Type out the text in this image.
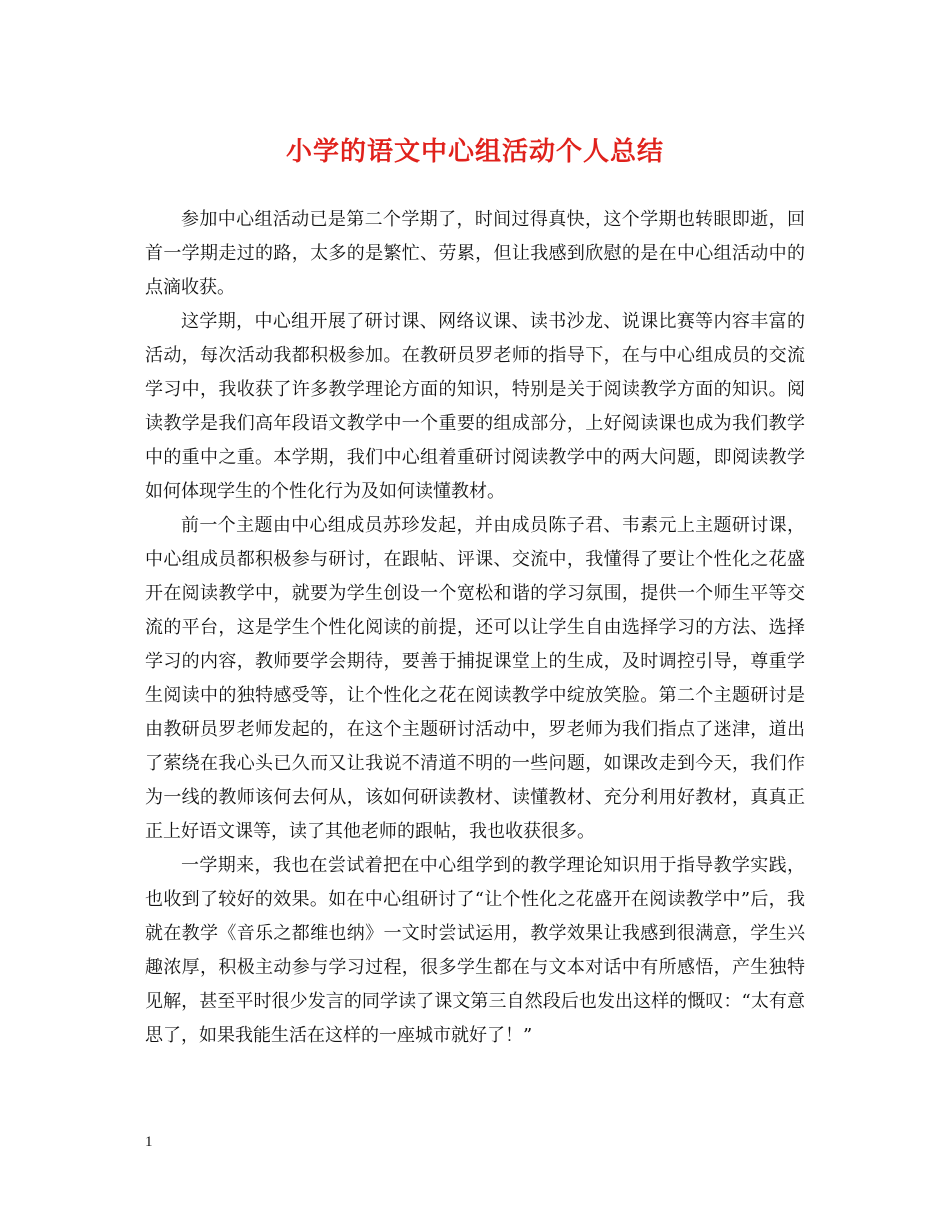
小学的语文中心组活动个人总结

参加中心组活动已是第二个学期了，时间过得真快，这个学期也转眼即逝，回首一学期走过的路，太多的是繁忙、劳累，但让我感到欣慰的是在中心组活动中的点滴收获。

这学期，中心组开展了研讨课、网络议课、读书沙龙、说课比赛等内容丰富的活动，每次活动我都积极参加。在教研员罗老师的指导下，在与中心组成员的交流学习中，我收获了许多教学理论方面的知识，特别是关于阅读教学方面的知识。阅读教学是我们高年段语文教学中一个重要的组成部分，上好阅读课也成为我们教学中的重中之重。本学期，我们中心组着重研讨阅读教学中的两大问题，即阅读教学如何体现学生的个性化行为及如何读懂教材。

前一个主题由中心组成员苏珍发起，并由成员陈子君、韦素元上主题研讨课，中心组成员都积极参与研讨，在跟帖、评课、交流中，我懂得了要让个性化之花盛开在阅读教学中，就要为学生创设一个宽松和谐的学习氛围，提供一个师生平等交流的平台，这是学生个性化阅读的前提，还可以让学生自由选择学习的方法、选择学习的内容，教师要学会期待，要善于捕捉课堂上的生成，及时调控引导，尊重学生阅读中的独特感受等，让个性化之花在阅读教学中绽放笑脸。第二个主题研讨是由教研员罗老师发起的，在这个主题研讨活动中，罗老师为我们指点了迷津，道出了萦绕在我心头已久而又让我说不清道不明的一些问题，如课改走到今天，我们作为一线的教师该何去何从，该如何研读教材、读懂教材、充分利用好教材，真真正正上好语文课等，读了其他老师的跟帖，我也收获很多。

一学期来，我也在尝试着把在中心组学到的教学理论知识用于指导教学实践，也收到了较好的效果。如在中心组研讨了“让个性化之花盛开在阅读教学中”后，我就在教学《音乐之都维也纳》一文时尝试运用，教学效果让我感到很满意，学生兴趣浓厚，积极主动参与学习过程，很多学生都在与文本对话中有所感悟，产生独特见解，甚至平时很少发言的同学读了课文第三自然段后也发出这样的慨叹：“太有意思了，如果我能生活在这样的一座城市就好了！”

1
